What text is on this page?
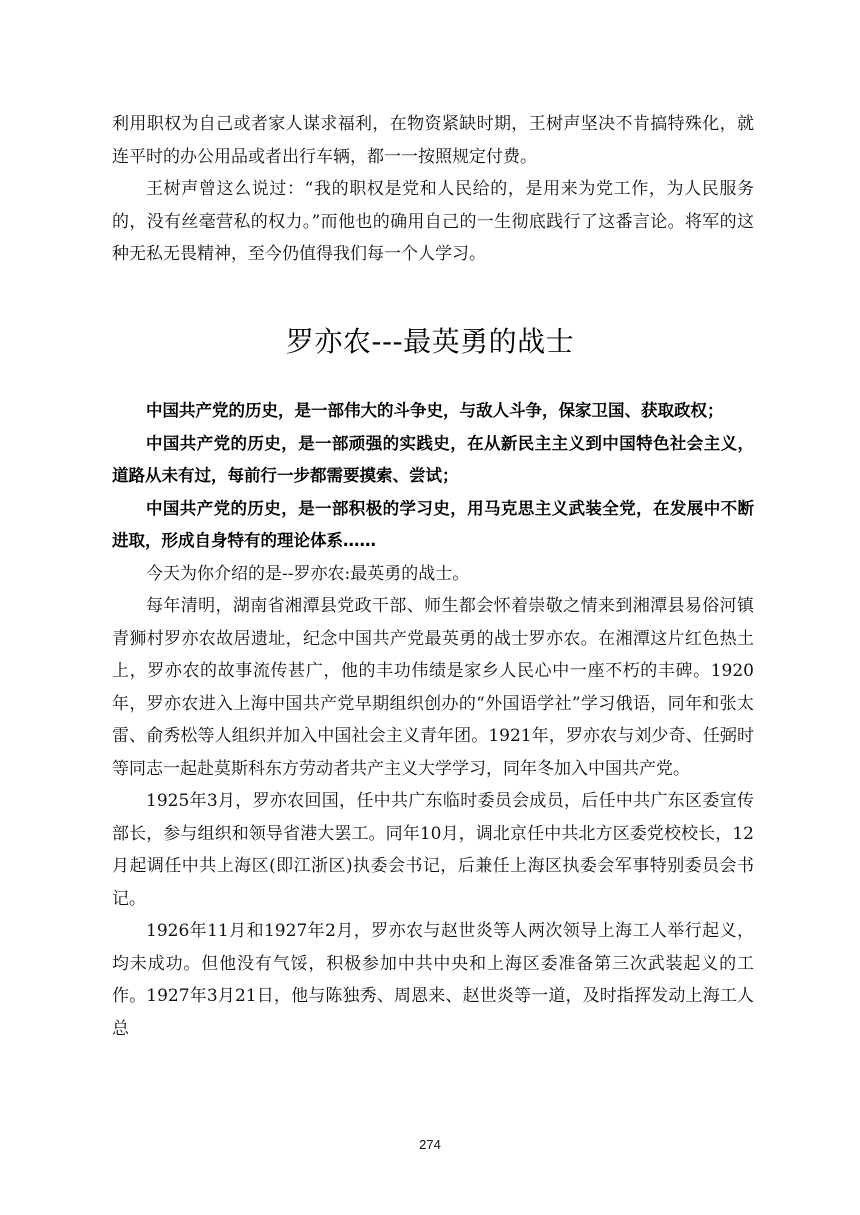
利用职权为自己或者家人谋求福利，在物资紧缺时期，王树声坚决不肯搞特殊化，就连平时的办公用品或者出行车辆，都一一按照规定付费。

王树声曾这么说过：“我的职权是党和人民给的，是用来为党工作，为人民服务的，没有丝毫营私的权力。”而他也的确用自己的一生彻底践行了这番言论。将军的这种无私无畏精神，至今仍值得我们每一个人学习。

罗亦农---最英勇的战士

中国共产党的历史，是一部伟大的斗争史，与敌人斗争，保家卫国、获取政权；

中国共产党的历史，是一部顽强的实践史，在从新民主主义到中国特色社会主义，道路从未有过，每前行一步都需要摸索、尝试；

中国共产党的历史，是一部积极的学习史，用马克思主义武装全党，在发展中不断进取，形成自身特有的理论体系……

今天为你介绍的是--罗亦农:最英勇的战士。

每年清明，湖南省湘潭县党政干部、师生都会怀着崇敬之情来到湘潭县易俗河镇青狮村罗亦农故居遗址，纪念中国共产党最英勇的战士罗亦农。在湘潭这片红色热土上，罗亦农的故事流传甚广，他的丰功伟绩是家乡人民心中一座不朽的丰碑。1920年，罗亦农进入上海中国共产党早期组织创办的“外国语学社”学习俄语，同年和张太雷、俞秀松等人组织并加入中国社会主义青年团。1921年，罗亦农与刘少奇、任弼时等同志一起赴莫斯科东方劳动者共产主义大学学习，同年冬加入中国共产党。

1925年3月，罗亦农回国，任中共广东临时委员会成员，后任中共广东区委宣传部长，参与组织和领导省港大罢工。同年10月，调北京任中共北方区委党校校长，12月起调任中共上海区(即江浙区)执委会书记，后兼任上海区执委会军事特别委员会书记。

1926年11月和1927年2月，罗亦农与赵世炎等人两次领导上海工人举行起义，均未成功。但他没有气馁，积极参加中共中央和上海区委准备第三次武装起义的工作。1927年3月21日，他与陈独秀、周恩来、赵世炎等一道，及时指挥发动上海工人总

274
